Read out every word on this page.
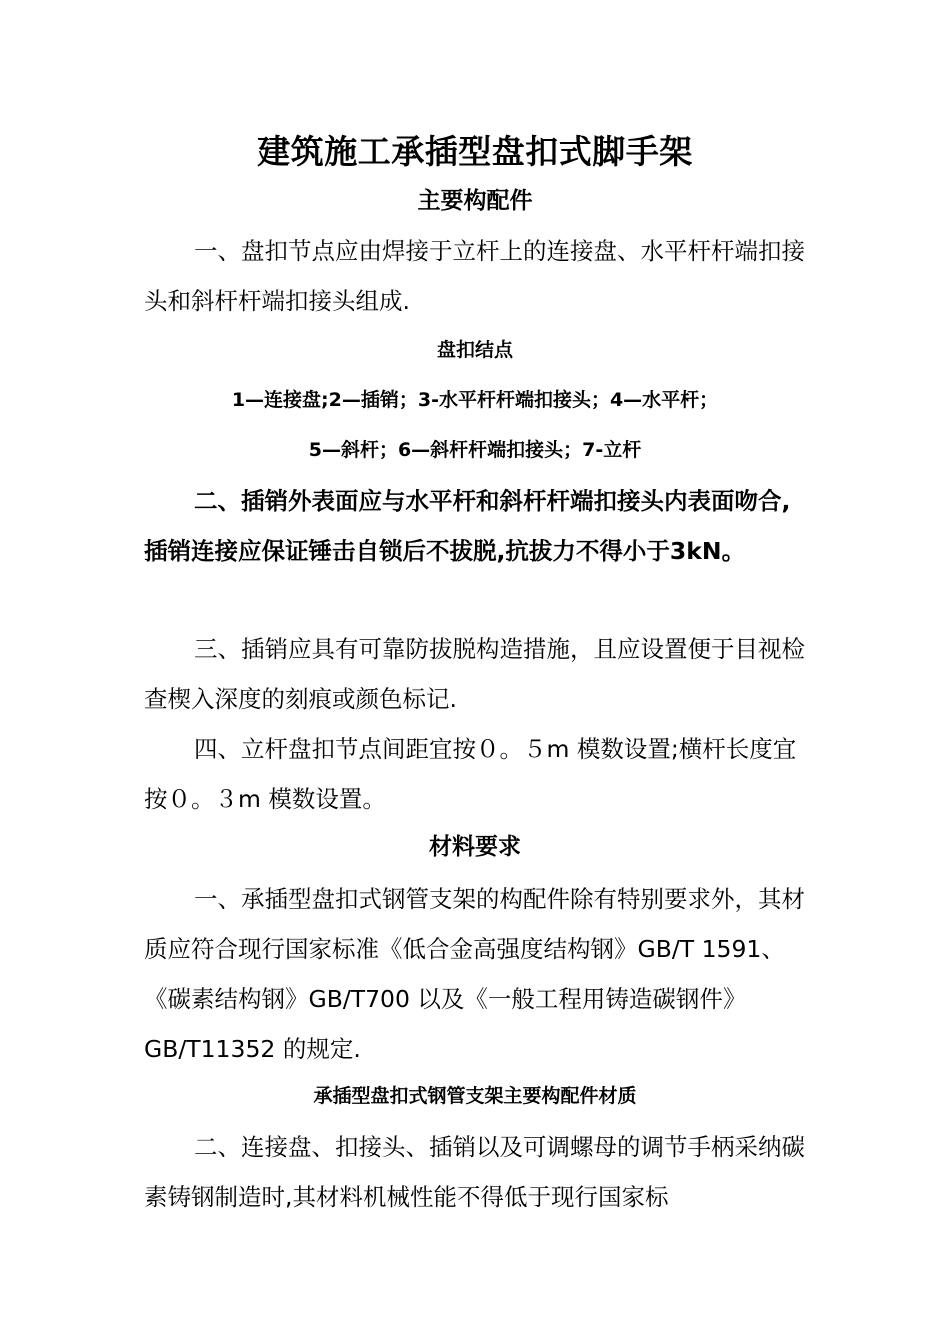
建筑施工承插型盘扣式脚手架
主要构配件

一、盘扣节点应由焊接于立杆上的连接盘、水平杆杆端扣接头和斜杆杆端扣接头组成.

盘扣结点
1—连接盘;2—插销；3-水平杆杆端扣接头；4—水平杆；
5—斜杆；6—斜杆杆端扣接头；7-立杆

二、插销外表面应与水平杆和斜杆杆端扣接头内表面吻合,插销连接应保证锤击自锁后不拔脱,抗拔力不得小于3kN。

三、插销应具有可靠防拔脱构造措施，且应设置便于目视检查楔入深度的刻痕或颜色标记.

四、立杆盘扣节点间距宜按０。５m 模数设置;横杆长度宜按０。３m 模数设置。

材料要求

一、承插型盘扣式钢管支架的构配件除有特别要求外，其材质应符合现行国家标准《低合金高强度结构钢》GB/T 1591、《碳素结构钢》GB/T700 以及《一般工程用铸造碳钢件》GB/T11352 的规定.

承插型盘扣式钢管支架主要构配件材质

二、连接盘、扣接头、插销以及可调螺母的调节手柄采纳碳素铸钢制造时,其材料机械性能不得低于现行国家标
